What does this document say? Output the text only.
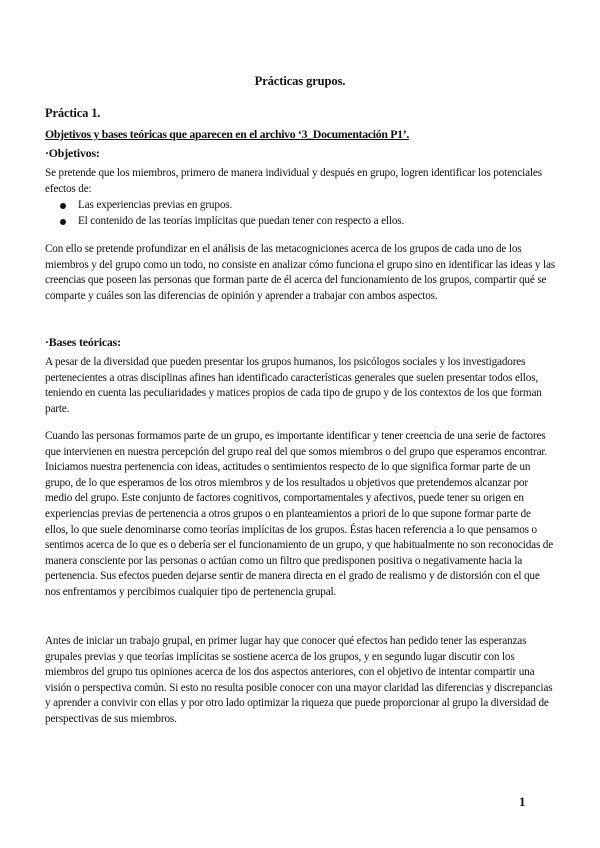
Prácticas grupos.
Práctica 1.
Objetivos y bases teóricas que aparecen en el archivo ‘3_Documentación P1’.
·Objetivos:

Se pretende que los miembros, primero de manera individual y después en grupo, logren identificar los potenciales efectos de:

Las experiencias previas en grupos.
El contenido de las teorías implícitas que puedan tener con respecto a ellos.

Con ello se pretende profundizar en el análisis de las metacogniciones acerca de los grupos de cada uno de los miembros y del grupo como un todo, no consiste en analizar cómo funciona el grupo sino en identificar las ideas y las creencias que poseen las personas que forman parte de él acerca del funcionamiento de los grupos, compartir qué se comparte y cuáles son las diferencias de opinión y aprender a trabajar con ambos aspectos.

·Bases teóricas:

A pesar de la diversidad que pueden presentar los grupos humanos, los psicólogos sociales y los investigadores pertenecientes a otras disciplinas afines han identificado características generales que suelen presentar todos ellos, teniendo en cuenta las peculiaridades y matices propios de cada tipo de grupo y de los contextos de los que forman parte.

Cuando las personas formamos parte de un grupo, es importante identificar y tener creencia de una serie de factores que intervienen en nuestra percepción del grupo real del que somos miembros o del grupo que esperamos encontrar. Iniciamos nuestra pertenencia con ideas, actitudes o sentimientos respecto de lo que significa formar parte de un grupo, de lo que esperamos de los otros miembros y de los resultados u objetivos que pretendemos alcanzar por medio del grupo. Este conjunto de factores cognitivos, comportamentales y afectivos, puede tener su origen en experiencias previas de pertenencia a otros grupos o en planteamientos a priori de lo que supone formar parte de ellos, lo que suele denominarse como teorías implícitas de los grupos. Éstas hacen referencia a lo que pensamos o sentimos acerca de lo que es o debería ser el funcionamiento de un grupo, y que habitualmente no son reconocidas de manera consciente por las personas o actúan como un filtro que predisponen positiva o negativamente hacia la pertenencia. Sus efectos pueden dejarse sentir de manera directa en el grado de realismo y de distorsión con el que nos enfrentamos y percibimos cualquier tipo de pertenencia grupal.

Antes de iniciar un trabajo grupal, en primer lugar hay que conocer qué efectos han pedido tener las esperanzas grupales previas y que teorías implícitas se sostiene acerca de los grupos, y en segundo lugar discutir con los miembros del grupo tus opiniones acerca de los dos aspectos anteriores, con el objetivo de intentar compartir una visión o perspectiva común. Si esto no resulta posible conocer con una mayor claridad las diferencias y discrepancias y aprender a convivir con ellas y por otro lado optimizar la riqueza que puede proporcionar al grupo la diversidad de perspectivas de sus miembros.

1
